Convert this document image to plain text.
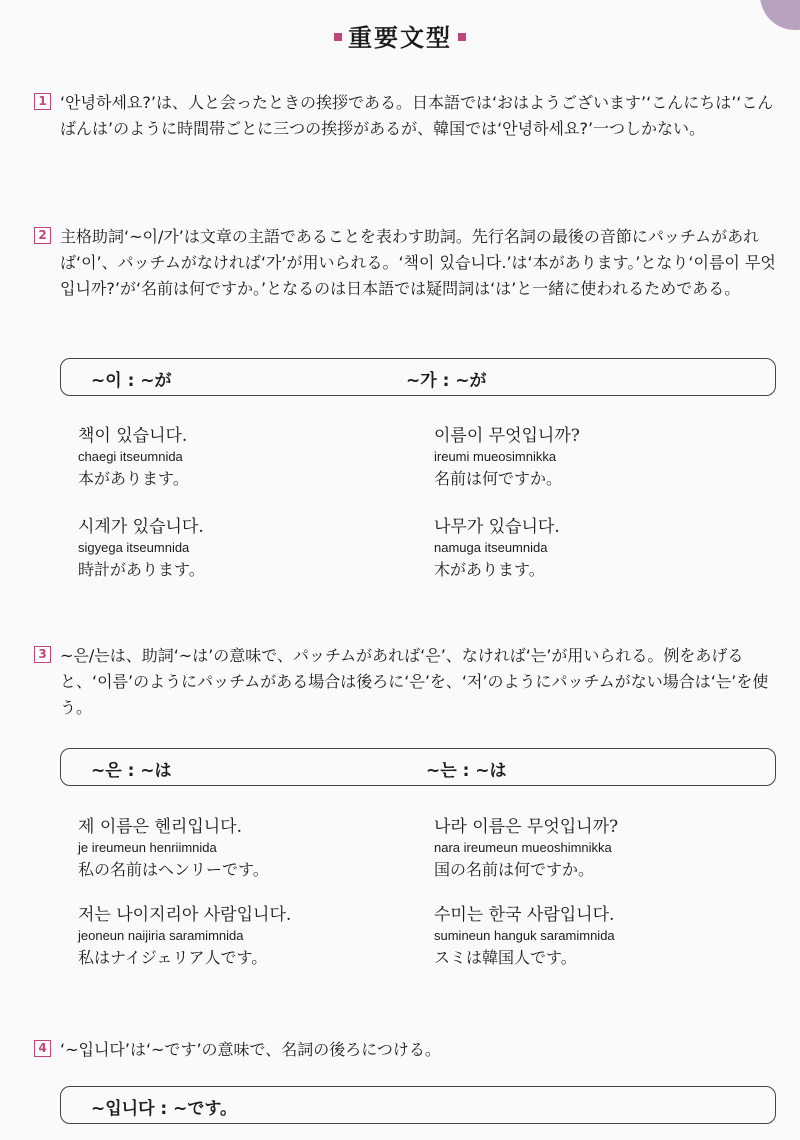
重要文型
1 ‘안녕하세요?’は、人と会ったときの挨拶である。日本語では‘おはようございます’‘こんにちは’‘こんばんは’のように時間帯ごとに三つの挨拶があるが、韓国では‘안녕하세요?’一つしかない。
2 主格助詞‘~이/가’は文章の主語であることを表わす助詞。先行名詞の最後の音節にパッチムがあれば‘이’、パッチムがなければ‘가’が用いられる。‘책이 있습니다.’は‘本があります。’となり‘이름이 무엇입니까?’が‘名前は何ですか。’となるのは日本語では疑問詞は‘は’と一緒に使われるためである。
~이 : ~が	~가 : ~が
책이 있습니다.
chaegi itseumnida
本があります。
이름이 무엇입니까?
ireumi mueosimnikka
名前は何ですか。
시계가 있습니다.
sigyega itseumnida
時計があります。
나무가 있습니다.
namuga itseumnida
木があります。
3 ~은/는は、助詞‘~は’の意味で、パッチムがあれば‘은’、なければ‘는’が用いられる。例をあげると、‘이름’のようにパッチムがある場合は後ろに‘은’を、‘저’のようにパッチムがない場合は‘는’を使う。
~은 : ~は	~는 : ~は
제 이름은 헨리입니다.
je ireumeun henriimnida
私の名前はヘンリーです。
나라 이름은 무엇입니까?
nara ireumeun mueoshimnikka
国の名前は何ですか。
저는 나이지리아 사람입니다.
jeoneun naijiria saramimnida
私はナイジェリア人です。
수미는 한국 사람입니다.
sumineun hanguk saramimnida
スミは韓国人です。
4 ‘~입니다’は‘~です’の意味で、名詞の後ろにつける。
~입니다 : ~です。
